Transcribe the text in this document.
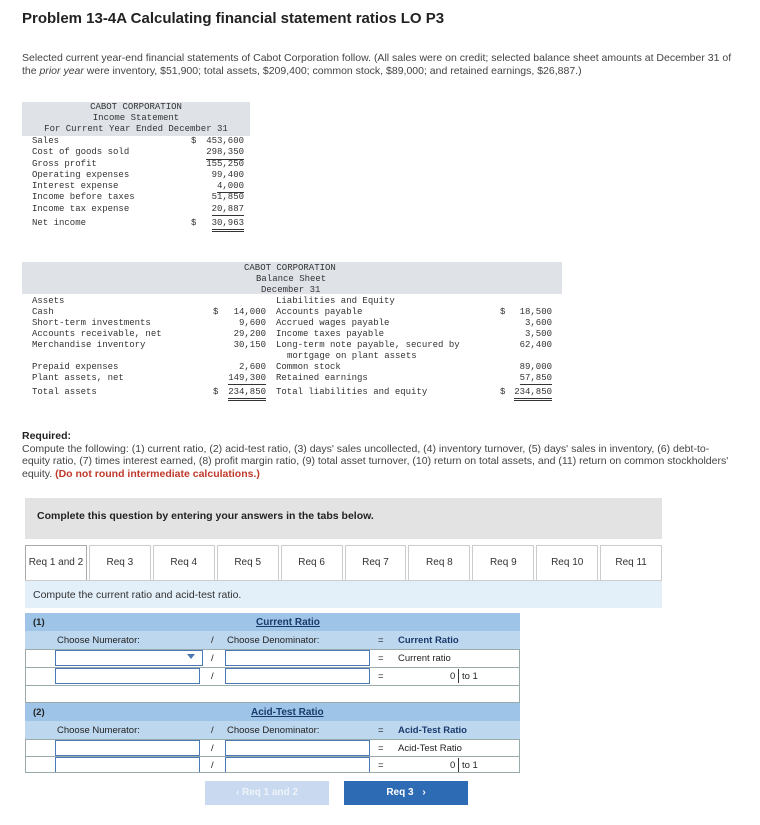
Problem 13-4A Calculating financial statement ratios LO P3
Selected current year-end financial statements of Cabot Corporation follow. (All sales were on credit; selected balance sheet amounts at December 31 of the prior year were inventory, $51,900; total assets, $209,400; common stock, $89,000; and retained earnings, $26,887.)
CABOT CORPORATION
Income Statement
For Current Year Ended December 31
Sales	$ 453,600
Cost of goods sold	298,350
Gross profit	155,250
Operating expenses	99,400
Interest expense	4,000
Income before taxes	51,850
Income tax expense	20,887
Net income	$ 30,963
CABOT CORPORATION
Balance Sheet
December 31
Assets	Liabilities and Equity
Cash	$ 14,000
Short-term investments	9,600
Accounts receivable, net	29,200
Merchandise inventory	30,150
Prepaid expenses	2,600
Plant assets, net	149,300
Total assets	$ 234,850
Accounts payable	$ 18,500
Accrued wages payable	3,600
Income taxes payable	3,500
Long-term note payable, secured by	62,400
mortgage on plant assets
Common stock	89,000
Retained earnings	57,850
Total liabilities and equity	$ 234,850
Required:
Compute the following: (1) current ratio, (2) acid-test ratio, (3) days' sales uncollected, (4) inventory turnover, (5) days' sales in inventory, (6) debt-to-equity ratio, (7) times interest earned, (8) profit margin ratio, (9) total asset turnover, (10) return on total assets, and (11) return on common stockholders' equity. (Do not round intermediate calculations.)
Complete this question by entering your answers in the tabs below.
Req 1 and 2	Req 3	Req 4	Req 5	Req 6	Req 7	Req 8	Req 9	Req 10	Req 11
Compute the current ratio and acid-test ratio.
(1)	Current Ratio
Choose Numerator:	/ Choose Denominator:	= Current Ratio
/	= Current ratio
/	=	0 to 1
(2)	Acid-Test Ratio
Choose Numerator:	/ Choose Denominator:	= Acid-Test Ratio
/	= Acid-Test Ratio
/	=	0 to 1
‹ Req 1 and 2	Req 3 ›
